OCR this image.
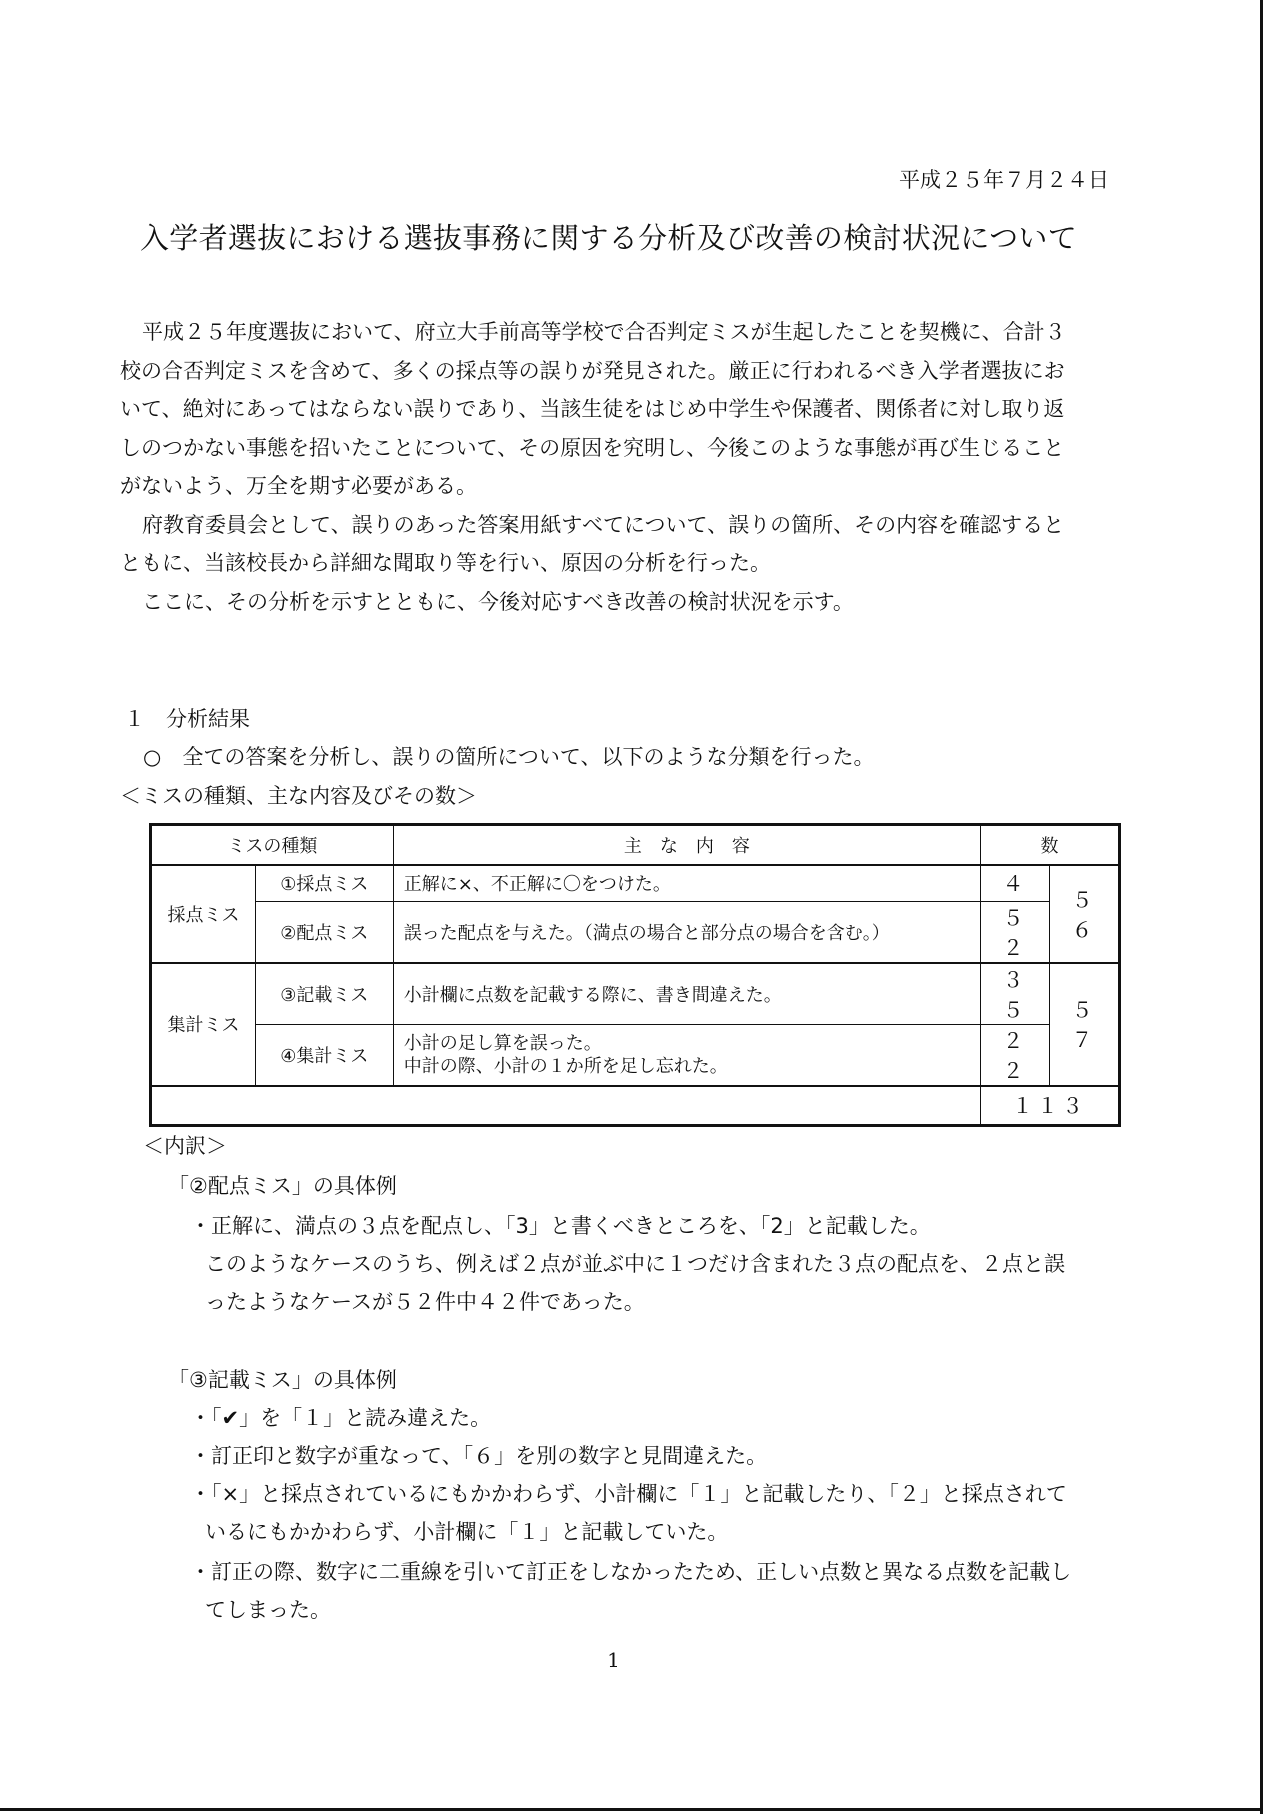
平成２５年７月２４日
入学者選抜における選抜事務に関する分析及び改善の検討状況について

平成２５年度選抜において、府立大手前高等学校で合否判定ミスが生起したことを契機に、合計３

校の合否判定ミスを含めて、多くの採点等の誤りが発見された。厳正に行われるべき入学者選抜にお

いて、絶対にあってはならない誤りであり、当該生徒をはじめ中学生や保護者、関係者に対し取り返

しのつかない事態を招いたことについて、その原因を究明し、今後このような事態が再び生じること

がないよう、万全を期す必要がある。

府教育委員会として、誤りのあった答案用紙すべてについて、誤りの箇所、その内容を確認すると

ともに、当該校長から詳細な聞取り等を行い、原因の分析を行った。

ここに、その分析を示すとともに、今後対応すべき改善の検討状況を示す。

１　分析結果
○　全ての答案を分析し、誤りの箇所について、以下のような分類を行った。
＜ミスの種類、主な内容及びその数＞
ミスの種類		主　な　内　容	数	
採点ミス	①採点ミス	正解に×、不正解に〇をつけた。	４	５６
	②配点ミス	誤った配点を与えた。（満点の場合と部分点の場合を含む。）	５２	
集計ミス	③記載ミス	小計欄に点数を記載する際に、書き間違えた。	３５	５７
	④集計ミス	小計の足し算を誤った。
中計の際、小計の１か所を足し忘れた。	２２	
			１１３	
＜内訳＞
「②配点ミス」の具体例
・正解に、満点の３点を配点し、「3」と書くべきところを、「2」と記載した。
このようなケースのうち、例えば２点が並ぶ中に１つだけ含まれた３点の配点を、２点と誤
ったようなケースが５２件中４２件であった。
「③記載ミス」の具体例
・「✔」を「１」と読み違えた。
・訂正印と数字が重なって、「６」を別の数字と見間違えた。
・「×」と採点されているにもかかわらず、小計欄に「１」と記載したり、「２」と採点されて
いるにもかかわらず、小計欄に「１」と記載していた。
・訂正の際、数字に二重線を引いて訂正をしなかったため、正しい点数と異なる点数を記載し
てしまった。
1
